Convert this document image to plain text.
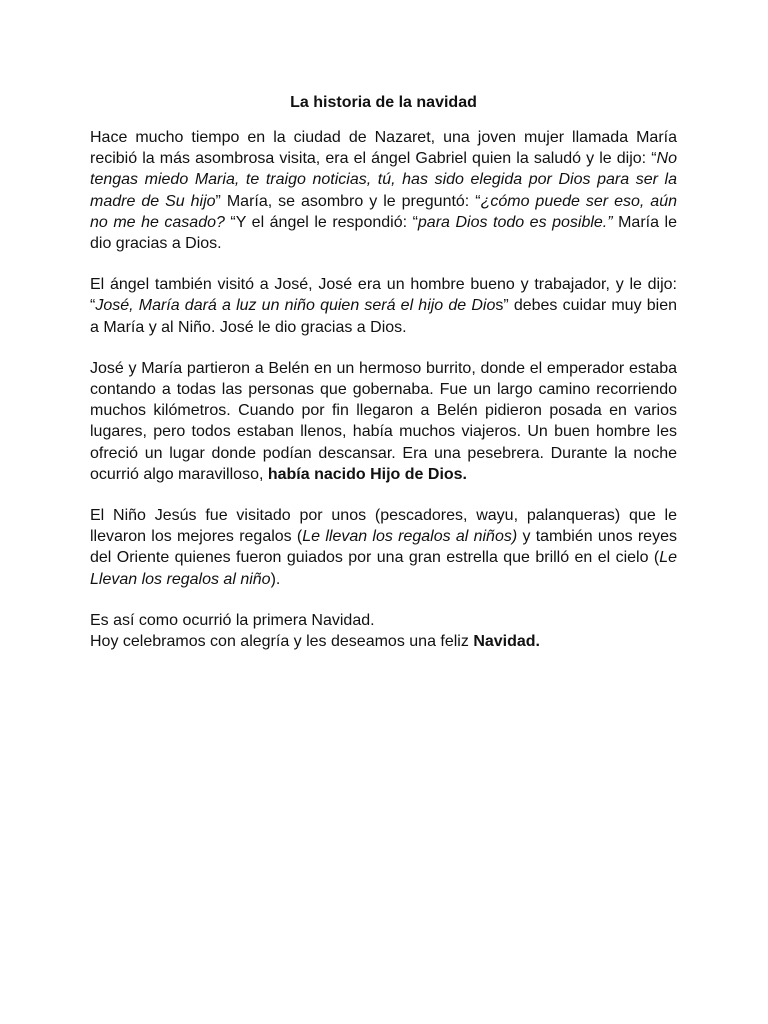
La historia de la navidad

Hace mucho tiempo en la ciudad de Nazaret, una joven mujer llamada María recibió la más asombrosa visita, era el ángel Gabriel quien la saludó y le dijo: “No tengas miedo Maria, te traigo noticias, tú, has sido elegida por Dios para ser la madre de Su hijo” María, se asombro y le preguntó: “¿cómo puede ser eso, aún no me he casado? “Y el ángel le respondió: “para Dios todo es posible.” María le dio gracias a Dios.

El ángel también visitó a José, José era un hombre bueno y trabajador, y le dijo: “José, María dará a luz un niño quien será el hijo de Dios” debes cuidar muy bien a María y al Niño. José le dio gracias a Dios.

José y María partieron a Belén en un hermoso burrito, donde el emperador estaba contando a todas las personas que gobernaba. Fue un largo camino recorriendo muchos kilómetros. Cuando por fin llegaron a Belén pidieron posada en varios lugares, pero todos estaban llenos, había muchos viajeros. Un buen hombre les ofreció un lugar donde podían descansar. Era una pesebrera. Durante la noche ocurrió algo maravilloso, había nacido Hijo de Dios.

El Niño Jesús fue visitado por unos (pescadores, wayu, palanqueras) que le llevaron los mejores regalos (Le llevan los regalos al niños) y también unos reyes del Oriente quienes fueron guiados por una gran estrella que brilló en el cielo (Le Llevan los regalos al niño).

Es así como ocurrió la primera Navidad.
Hoy celebramos con alegría y les deseamos una feliz Navidad.
